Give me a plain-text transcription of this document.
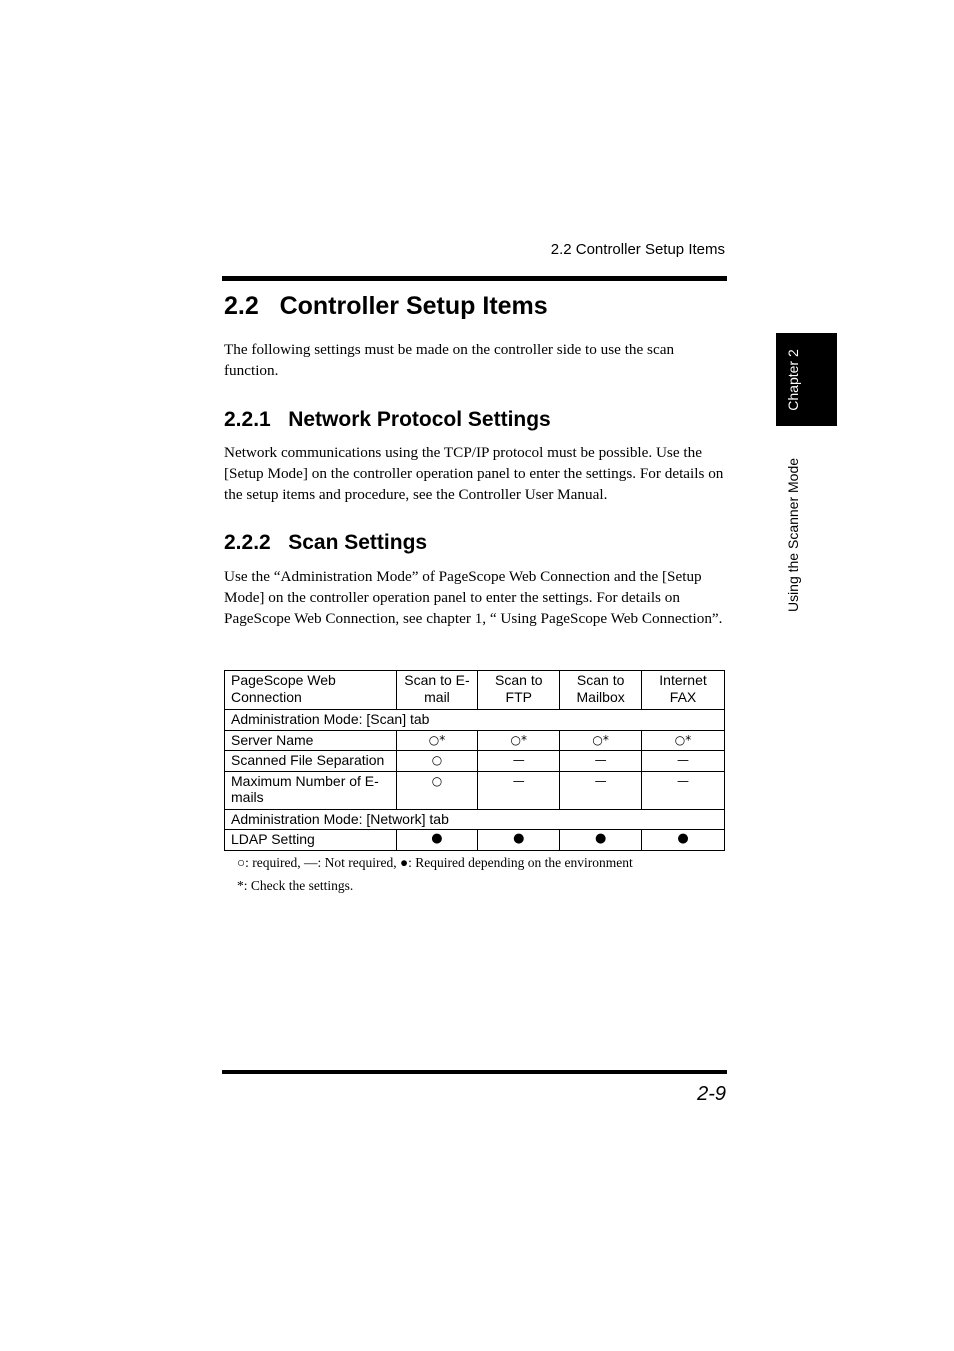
2.2 Controller Setup Items
2.2   Controller Setup Items

The following settings must be made on the controller side to use the scan function.

2.2.1   Network Protocol Settings

Network communications using the TCP/IP protocol must be possible. Use the [Setup Mode] on the controller operation panel to enter the settings. For details on the setup items and procedure, see the Controller User Manual.

2.2.2   Scan Settings

Use the “Administration Mode” of PageScope Web Connection and the [Setup Mode] on the controller operation panel to enter the settings. For details on PageScope Web Connection, see chapter 1, “ Using PageScope Web Connection”.

PageScope Web Connection	Scan to E-mail	Scan to FTP	Scan to Mailbox	Internet FAX
Administration Mode: [Scan] tab				
Server Name	○*	○*	○*	○*
Scanned File Separation	○	—	—	—
Maximum Number of E-mails	○	—	—	—
Administration Mode: [Network] tab				
LDAP Setting	●	●	●	●
○: required, —: Not required, ●: Required depending on the environment
*: Check the settings.
2-9
Chapter 2
Using the Scanner Mode
